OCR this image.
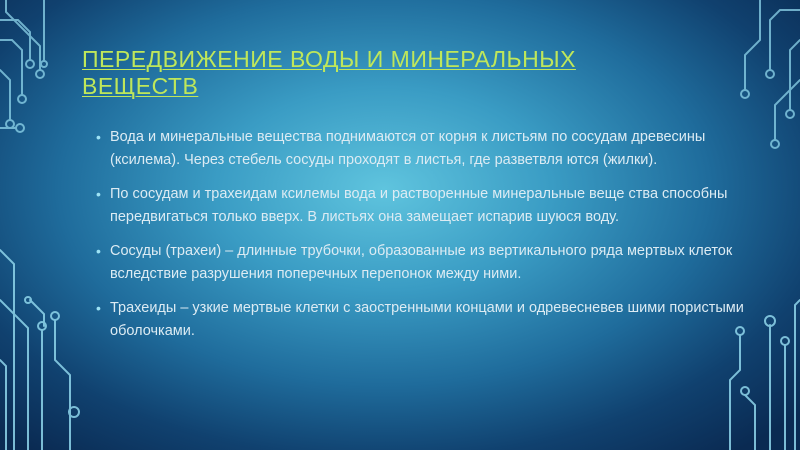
ПЕРЕДВИЖЕНИЕ ВОДЫ И МИНЕРАЛЬНЫХ ВЕЩЕСТВ
• Вода и минеральные вещества поднимаются от корня к листьям по сосудам древесины (ксилема). Через стебель сосуды проходят в листья, где разветвля ются (жилки).
• По сосудам и трахеидам ксилемы вода и растворенные минеральные веще ства способны передвигаться только вверх. В листьях она замещает испарив шуюся воду.
• Сосуды (трахеи) – длинные трубочки, образованные из вертикального ряда мертвых клеток вследствие разрушения поперечных перепонок между ними.
• Трахеиды – узкие мертвые клетки с заостренными концами и одревесневев шими пористыми оболочками.
